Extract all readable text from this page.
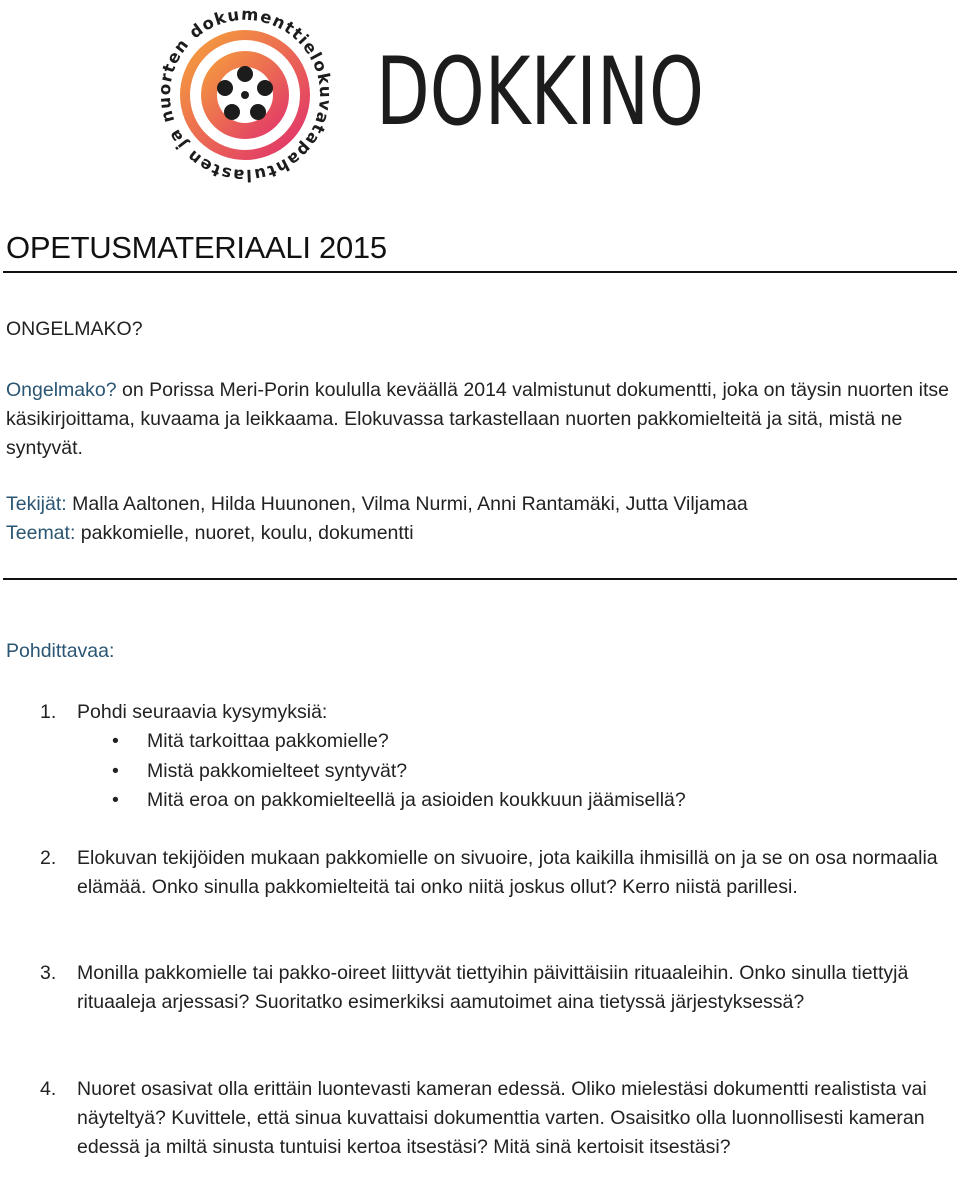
lasten ja nuorten dokumenttielokuvatapahtuma
DOKKINO
OPETUSMATERIAALI 2015
ONGELMAKO?
Ongelmako? on Porissa Meri-Porin koululla keväällä 2014 valmistunut dokumentti, joka on täysin nuorten itse käsikirjoittama, kuvaama ja leikkaama. Elokuvassa tarkastellaan nuorten pakkomielteitä ja sitä, mistä ne syntyvät.
Tekijät: Malla Aaltonen, Hilda Huunonen, Vilma Nurmi, Anni Rantamäki, Jutta Viljamaa
Teemat: pakkomielle, nuoret, koulu, dokumentti
Pohdittavaa:
1. Pohdi seuraavia kysymyksiä:
• Mitä tarkoittaa pakkomielle?
• Mistä pakkomielteet syntyvät?
• Mitä eroa on pakkomielteellä ja asioiden koukkuun jäämisellä?
2. Elokuvan tekijöiden mukaan pakkomielle on sivuoire, jota kaikilla ihmisillä on ja se on osa normaalia elämää. Onko sinulla pakkomielteitä tai onko niitä joskus ollut? Kerro niistä parillesi.
3. Monilla pakkomielle tai pakko-oireet liittyvät tiettyihin päivittäisiin rituaaleihin. Onko sinulla tiettyjä rituaaleja arjessasi? Suoritatko esimerkiksi aamutoimet aina tietyssä järjestyksessä?
4. Nuoret osasivat olla erittäin luontevasti kameran edessä. Oliko mielestäsi dokumentti realistista vai näyteltyä? Kuvittele, että sinua kuvattaisi dokumenttia varten. Osaisitko olla luonnollisesti kameran edessä ja miltä sinusta tuntuisi kertoa itsestäsi? Mitä sinä kertoisit itsestäsi?
